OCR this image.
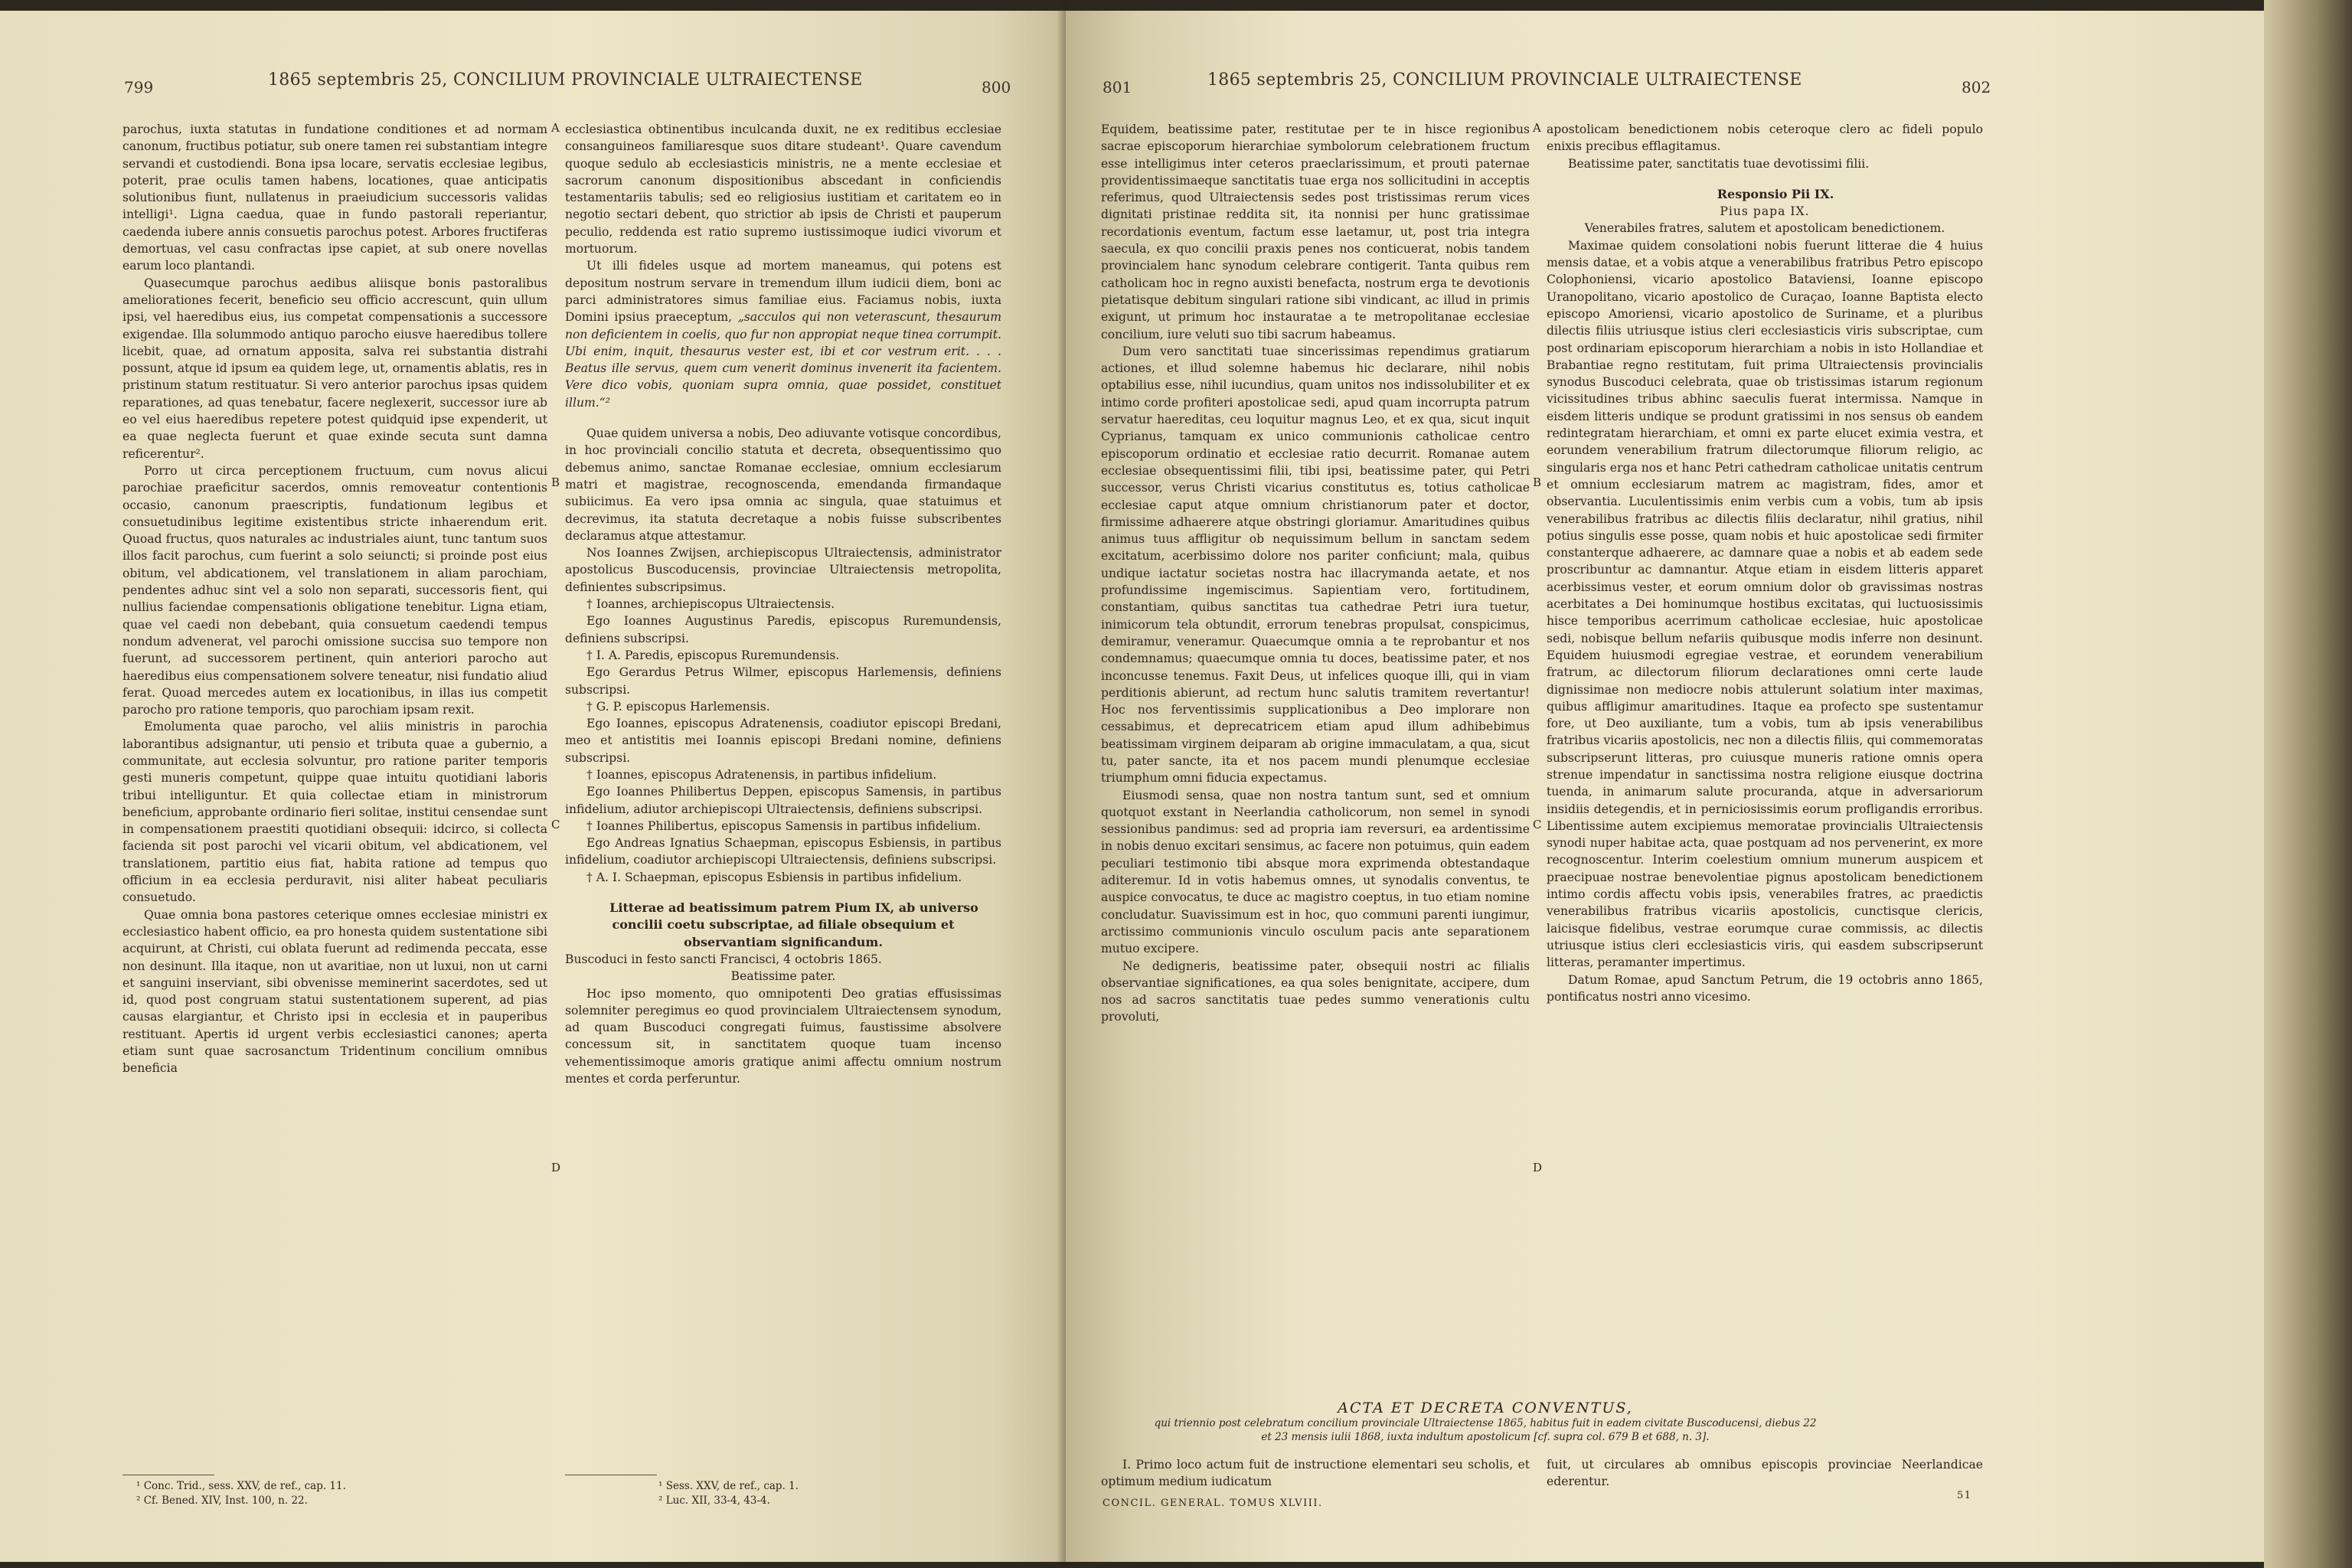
799	1865 septembris 25, CONCILIUM PROVINCIALE ULTRAIECTENSE	800

parochus, iuxta statutas in fundatione conditiones et ad normam canonum, fructibus potiatur, sub onere tamen rei substantiam integre servandi et custodiendi. Bona ipsa locare, servatis ecclesiae legibus, poterit, prae oculis tamen habens, locationes, quae anticipatis solutionibus fiunt, nullatenus in praeiudicium successoris validas intelligi¹. Ligna caedua, quae in fundo pastorali reperiantur, caedenda iubere annis consuetis parochus potest. Arbores fructiferas demortuas, vel casu confractas ipse capiet, at sub onere novellas earum loco plantandi.

Quasecumque parochus aedibus aliisque bonis pastoralibus ameliorationes fecerit, beneficio seu officio accrescunt, quin ullum ipsi, vel haeredibus eius, ius competat compensationis a successore exigendae. Illa solummodo antiquo parocho eiusve haeredibus tollere licebit, quae, ad ornatum apposita, salva rei substantia distrahi possunt, atque id ipsum ea quidem lege, ut, ornamentis ablatis, res in pristinum statum restituatur. Si vero anterior parochus ipsas quidem reparationes, ad quas tenebatur, facere neglexerit, successor iure ab eo vel eius haeredibus repetere potest quidquid ipse expenderit, ut ea quae neglecta fuerunt et quae exinde secuta sunt damna reficerentur².

Porro ut circa perceptionem fructuum, cum novus alicui parochiae praeficitur sacerdos, omnis removeatur contentionis occasio, canonum praescriptis, fundationum legibus et consuetudinibus legitime existentibus stricte inhaerendum erit. Quoad fructus, quos naturales ac industriales aiunt, tunc tantum suos illos facit parochus, cum fuerint a solo seiuncti; si proinde post eius obitum, vel abdicationem, vel translationem in aliam parochiam, pendentes adhuc sint vel a solo non separati, successoris fient, qui nullius faciendae compensationis obligatione tenebitur. Ligna etiam, quae vel caedi non debebant, quia consuetum caedendi tempus nondum advenerat, vel parochi omissione succisa suo tempore non fuerunt, ad successorem pertinent, quin anteriori parocho aut haeredibus eius compensationem solvere teneatur, nisi fundatio aliud ferat. Quoad mercedes autem ex locationibus, in illas ius competit parocho pro ratione temporis, quo parochiam ipsam rexit.

Emolumenta quae parocho, vel aliis ministris in parochia laborantibus adsignantur, uti pensio et tributa quae a gubernio, a communitate, aut ecclesia solvuntur, pro ratione pariter temporis gesti muneris competunt, quippe quae intuitu quotidiani laboris tribui intelliguntur. Et quia collectae etiam in ministrorum beneficium, approbante ordinario fieri solitae, institui censendae sunt in compensationem praestiti quotidiani obsequii: idcirco, si collecta facienda sit post parochi vel vicarii obitum, vel abdicationem, vel translationem, partitio eius fiat, habita ratione ad tempus quo officium in ea ecclesia perduravit, nisi aliter habeat peculiaris consuetudo.

Quae omnia bona pastores ceterique omnes ecclesiae ministri ex ecclesiastico habent officio, ea pro honesta quidem sustentatione sibi acquirunt, at Christi, cui oblata fuerunt ad redimenda peccata, esse non desinunt. Illa itaque, non ut avaritiae, non ut luxui, non ut carni et sanguini inserviant, sibi obvenisse meminerint sacerdotes, sed ut id, quod post congruam statui sustentationem superent, ad pias causas elargiantur, et Christo ipsi in ecclesia et in pauperibus restituant. Apertis id urgent verbis ecclesiastici canones; aperta etiam sunt quae sacrosanctum Tridentinum concilium omnibus beneficia

ecclesiastica obtinentibus inculcanda duxit, ne ex reditibus ecclesiae consanguineos familiaresque suos ditare studeant¹. Quare cavendum quoque sedulo ab ecclesiasticis ministris, ne a mente ecclesiae et sacrorum canonum dispositionibus abscedant in conficiendis testamentariis tabulis; sed eo religiosius iustitiam et caritatem eo in negotio sectari debent, quo strictior ab ipsis de Christi et pauperum peculio, reddenda est ratio supremo iustissimoque iudici vivorum et mortuorum.

Ut illi fideles usque ad mortem maneamus, qui potens est depositum nostrum servare in tremendum illum iudicii diem, boni ac parci administratores simus familiae eius. Faciamus nobis, iuxta Domini ipsius praeceptum, „sacculos qui non veterascunt, thesaurum non deficientem in coelis, quo fur non appropiat neque tinea corrumpit. Ubi enim, inquit, thesaurus vester est, ibi et cor vestrum erit. . . . Beatus ille servus, quem cum venerit dominus invenerit ita facientem. Vere dico vobis, quoniam supra omnia, quae possidet, constituet illum.“²

Quae quidem universa a nobis, Deo adiuvante votisque concordibus, in hoc provinciali concilio statuta et decreta, obsequentissimo quo debemus animo, sanctae Romanae ecclesiae, omnium ecclesiarum matri et magistrae, recognoscenda, emendanda firmandaque subiicimus. Ea vero ipsa omnia ac singula, quae statuimus et decrevimus, ita statuta decretaque a nobis fuisse subscribentes declaramus atque attestamur.

Nos Ioannes Zwijsen, archiepiscopus Ultraiectensis, administrator apostolicus Buscoducensis, provinciae Ultraiectensis metropolita, definientes subscripsimus.

† Ioannes, archiepiscopus Ultraiectensis.

Ego Ioannes Augustinus Paredis, episcopus Ruremundensis, definiens subscripsi.

† I. A. Paredis, episcopus Ruremundensis.

Ego Gerardus Petrus Wilmer, episcopus Harlemensis, definiens subscripsi.

† G. P. episcopus Harlemensis.

Ego Ioannes, episcopus Adratenensis, coadiutor episcopi Bredani, meo et antistitis mei Ioannis episcopi Bredani nomine, definiens subscripsi.

† Ioannes, episcopus Adratenensis, in partibus infidelium.

Ego Ioannes Philibertus Deppen, episcopus Samensis, in partibus infidelium, adiutor archiepiscopi Ultraiectensis, definiens subscripsi.

† Ioannes Philibertus, episcopus Samensis in partibus infidelium.

Ego Andreas Ignatius Schaepman, episcopus Esbiensis, in partibus infidelium, coadiutor archiepiscopi Ultraiectensis, definiens subscripsi.

† A. I. Schaepman, episcopus Esbiensis in partibus infidelium.

Litterae ad beatissimum patrem Pium IX, ab universo concilii coetu subscriptae, ad filiale obsequium et observantiam significandum.

Buscoduci in festo sancti Francisci, 4 octobris 1865.

Beatissime pater.

Hoc ipso momento, quo omnipotenti Deo gratias effusissimas solemniter peregimus eo quod provincialem Ultraiectensem synodum, ad quam Buscoduci congregati fuimus, faustissime absolvere concessum sit, in sanctitatem quoque tuam incenso vehementissimoque amoris gratique animi affectu omnium nostrum mentes et corda perferuntur.

¹ Conc. Trid., sess. XXV, de ref., cap. 11.
² Cf. Bened. XIV, Inst. 100, n. 22.
¹ Sess. XXV, de ref., cap. 1.
² Luc. XII, 33-4, 43-4.
A
B
C
D
801	1865 septembris 25, CONCILIUM PROVINCIALE ULTRAIECTENSE	802

Equidem, beatissime pater, restitutae per te in hisce regionibus sacrae episcoporum hierarchiae symbolorum celebrationem fructum esse intelligimus inter ceteros praeclarissimum, et prouti paternae providentissimaeque sanctitatis tuae erga nos sollicitudini in acceptis referimus, quod Ultraiectensis sedes post tristissimas rerum vices dignitati pristinae reddita sit, ita nonnisi per hunc gratissimae recordationis eventum, factum esse laetamur, ut, post tria integra saecula, ex quo concilii praxis penes nos conticuerat, nobis tandem provincialem hanc synodum celebrare contigerit. Tanta quibus rem catholicam hoc in regno auxisti benefacta, nostrum erga te devotionis pietatisque debitum singulari ratione sibi vindicant, ac illud in primis exigunt, ut primum hoc instauratae a te metropolitanae ecclesiae concilium, iure veluti suo tibi sacrum habeamus.

Dum vero sanctitati tuae sincerissimas rependimus gratiarum actiones, et illud solemne habemus hic declarare, nihil nobis optabilius esse, nihil iucundius, quam unitos nos indissolubiliter et ex intimo corde profiteri apostolicae sedi, apud quam incorrupta patrum servatur haereditas, ceu loquitur magnus Leo, et ex qua, sicut inquit Cyprianus, tamquam ex unico communionis catholicae centro episcoporum ordinatio et ecclesiae ratio decurrit. Romanae autem ecclesiae obsequentissimi filii, tibi ipsi, beatissime pater, qui Petri successor, verus Christi vicarius constitutus es, totius catholicae ecclesiae caput atque omnium christianorum pater et doctor, firmissime adhaerere atque obstringi gloriamur. Amaritudines quibus animus tuus affligitur ob nequissimum bellum in sanctam sedem excitatum, acerbissimo dolore nos pariter conficiunt; mala, quibus undique iactatur societas nostra hac illacrymanda aetate, et nos profundissime ingemiscimus. Sapientiam vero, fortitudinem, constantiam, quibus sanctitas tua cathedrae Petri iura tuetur, inimicorum tela obtundit, errorum tenebras propulsat, conspicimus, demiramur, veneramur. Quaecumque omnia a te reprobantur et nos condemnamus; quaecumque omnia tu doces, beatissime pater, et nos inconcusse tenemus. Faxit Deus, ut infelices quoque illi, qui in viam perditionis abierunt, ad rectum hunc salutis tramitem revertantur! Hoc nos ferventissimis supplicationibus a Deo implorare non cessabimus, et deprecatricem etiam apud illum adhibebimus beatissimam virginem deiparam ab origine immaculatam, a qua, sicut tu, pater sancte, ita et nos pacem mundi plenumque ecclesiae triumphum omni fiducia expectamus.

Eiusmodi sensa, quae non nostra tantum sunt, sed et omnium quotquot exstant in Neerlandia catholicorum, non semel in synodi sessionibus pandimus: sed ad propria iam reversuri, ea ardentissime in nobis denuo excitari sensimus, ac facere non potuimus, quin eadem peculiari testimonio tibi absque mora exprimenda obtestandaque aditeremur. Id in votis habemus omnes, ut synodalis conventus, te auspice convocatus, te duce ac magistro coeptus, in tuo etiam nomine concludatur. Suavissimum est in hoc, quo communi parenti iungimur, arctissimo communionis vinculo osculum pacis ante separationem mutuo excipere.

Ne dedigneris, beatissime pater, obsequii nostri ac filialis observantiae significationes, ea qua soles benignitate, accipere, dum nos ad sacros sanctitatis tuae pedes summo venerationis cultu provoluti,

apostolicam benedictionem nobis ceteroque clero ac fideli populo enixis precibus efflagitamus.

Beatissime pater, sanctitatis tuae devotissimi filii.

Responsio Pii IX.

Pius papa IX.

Venerabiles fratres, salutem et apostolicam benedictionem.

Maximae quidem consolationi nobis fuerunt litterae die 4 huius mensis datae, et a vobis atque a venerabilibus fratribus Petro episcopo Colophoniensi, vicario apostolico Bataviensi, Ioanne episcopo Uranopolitano, vicario apostolico de Curaçao, Ioanne Baptista electo episcopo Amoriensi, vicario apostolico de Suriname, et a pluribus dilectis filiis utriusque istius cleri ecclesiasticis viris subscriptae, cum post ordinariam episcoporum hierarchiam a nobis in isto Hollandiae et Brabantiae regno restitutam, fuit prima Ultraiectensis provincialis synodus Buscoduci celebrata, quae ob tristissimas istarum regionum vicissitudines tribus abhinc saeculis fuerat intermissa. Namque in eisdem litteris undique se produnt gratissimi in nos sensus ob eandem redintegratam hierarchiam, et omni ex parte elucet eximia vestra, et eorundem venerabilium fratrum dilectorumque filiorum religio, ac singularis erga nos et hanc Petri cathedram catholicae unitatis centrum et omnium ecclesiarum matrem ac magistram, fides, amor et observantia. Luculentissimis enim verbis cum a vobis, tum ab ipsis venerabilibus fratribus ac dilectis filiis declaratur, nihil gratius, nihil potius singulis esse posse, quam nobis et huic apostolicae sedi firmiter constanterque adhaerere, ac damnare quae a nobis et ab eadem sede proscribuntur ac damnantur. Atque etiam in eisdem litteris apparet acerbissimus vester, et eorum omnium dolor ob gravissimas nostras acerbitates a Dei hominumque hostibus excitatas, qui luctuosissimis hisce temporibus acerrimum catholicae ecclesiae, huic apostolicae sedi, nobisque bellum nefariis quibusque modis inferre non desinunt. Equidem huiusmodi egregiae vestrae, et eorundem venerabilium fratrum, ac dilectorum filiorum declarationes omni certe laude dignissimae non mediocre nobis attulerunt solatium inter maximas, quibus affligimur amaritudines. Itaque ea profecto spe sustentamur fore, ut Deo auxiliante, tum a vobis, tum ab ipsis venerabilibus fratribus vicariis apostolicis, nec non a dilectis filiis, qui commemoratas subscripserunt litteras, pro cuiusque muneris ratione omnis opera strenue impendatur in sanctissima nostra religione eiusque doctrina tuenda, in animarum salute procuranda, atque in adversariorum insidiis detegendis, et in perniciosissimis eorum profligandis erroribus. Libentissime autem excipiemus memoratae provincialis Ultraiectensis synodi nuper habitae acta, quae postquam ad nos pervenerint, ex more recognoscentur. Interim coelestium omnium munerum auspicem et praecipuae nostrae benevolentiae pignus apostolicam benedictionem intimo cordis affectu vobis ipsis, venerabiles fratres, ac praedictis venerabilibus fratribus vicariis apostolicis, cunctisque clericis, laicisque fidelibus, vestrae eorumque curae commissis, ac dilectis utriusque istius cleri ecclesiasticis viris, qui easdem subscripserunt litteras, peramanter impertimus.

Datum Romae, apud Sanctum Petrum, die 19 octobris anno 1865, pontificatus nostri anno vicesimo.

A
B
C
D
ACTA ET DECRETA CONVENTUS,
qui triennio post celebratum concilium provinciale Ultraiectense 1865, habitus fuit in eadem civitate Buscoducensi, diebus 22
et 23 mensis iulii 1868, iuxta indultum apostolicum [cf. supra col. 679 B et 688, n. 3].

I. Primo loco actum fuit de instructione elementari seu scholis, et optimum medium iudicatum

fuit, ut circulares ab omnibus episcopis provinciae Neerlandicae ederentur.

CONCIL. GENERAL. TOMUS XLVIII.
51
